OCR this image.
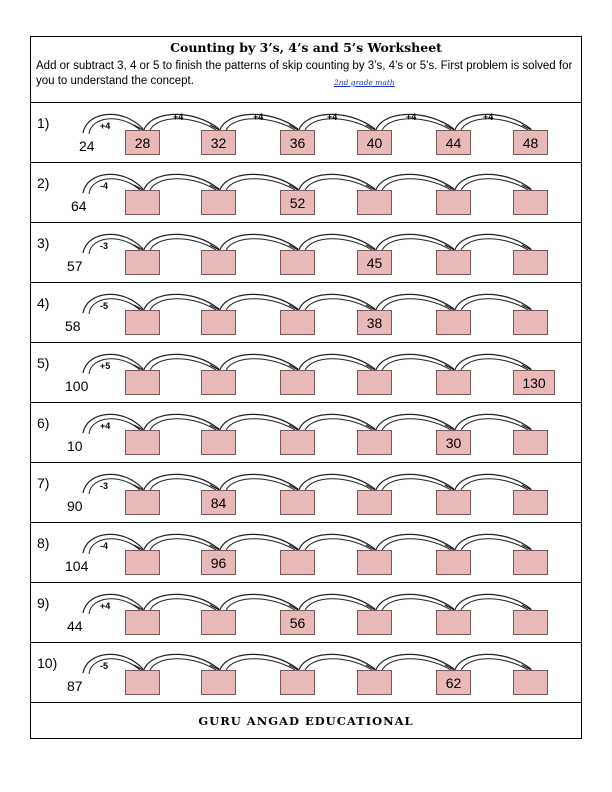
Counting by 3’s, 4’s and 5’s Worksheet
Add or subtract 3, 4 or 5 to finish the patterns of skip counting by 3’s, 4’s or 5’s. First problem is solved for you to understand the concept.	2nd grade math
1)
24
+4
+4	+4	+4	+4	+4
28	32	36	40	44	48
2)
64
-4
52
3)
57
-3
45
4)
58
-5
38
5)
100
+5
130
6)
10
+4
30
7)
90
-3
84
8)
104
-4
96
9)
44
+4
56
10)
87
-5
62
GURU ANGAD EDUCATIONAL
